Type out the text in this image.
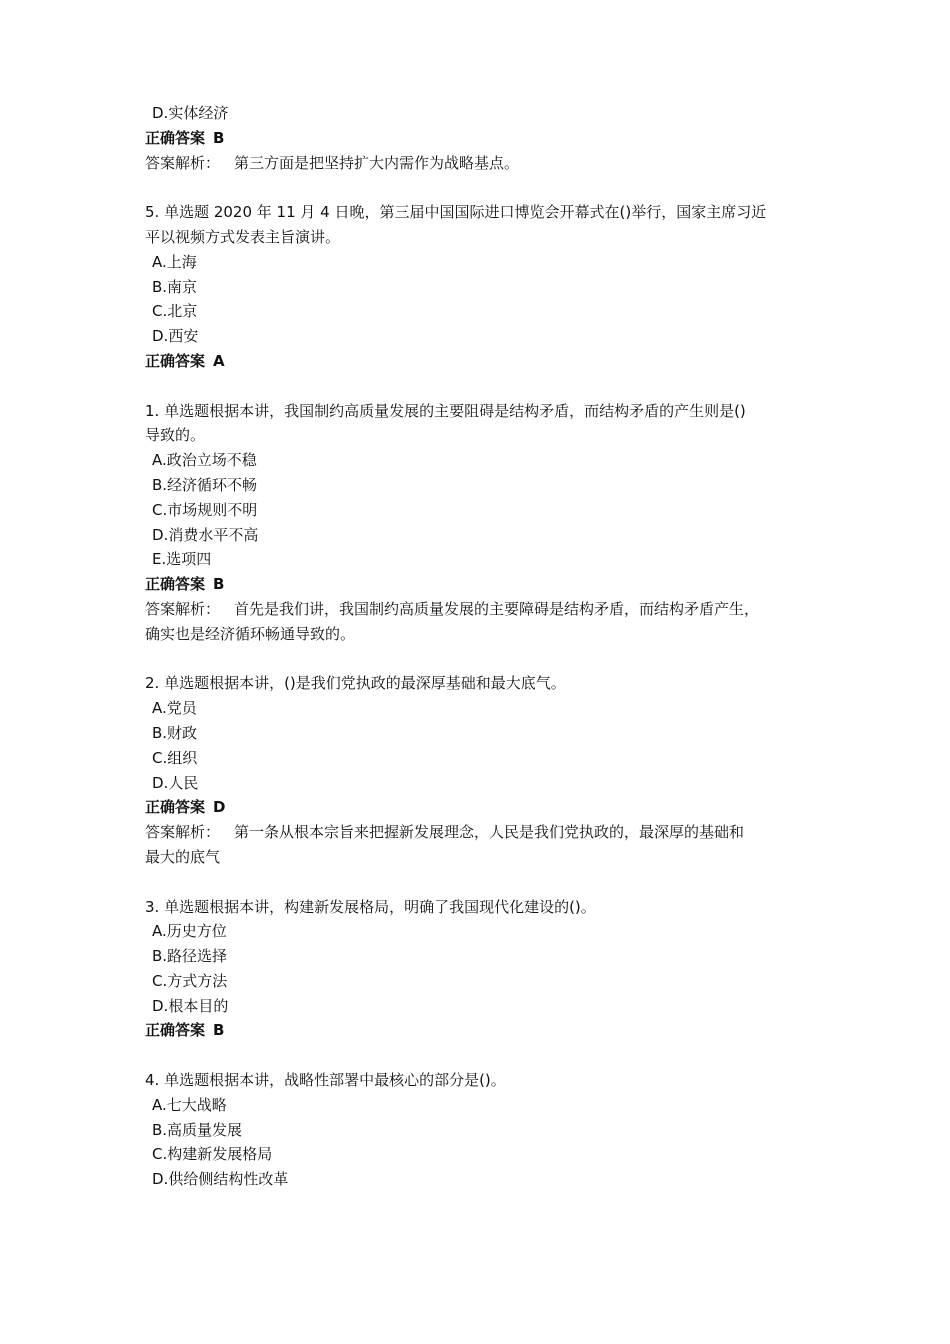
D.实体经济
正确答案 B
答案解析： 第三方面是把坚持扩大内需作为战略基点。
5. 单选题 2020 年 11 月 4 日晚，第三届中国国际进口博览会开幕式在()举行，国家主席习近
平以视频方式发表主旨演讲。
A.上海
B.南京
C.北京
D.西安
正确答案 A
1. 单选题根据本讲，我国制约高质量发展的主要阻碍是结构矛盾，而结构矛盾的产生则是()
导致的。
A.政治立场不稳
B.经济循环不畅
C.市场规则不明
D.消费水平不高
E.选项四
正确答案 B
答案解析： 首先是我们讲，我国制约高质量发展的主要障碍是结构矛盾，而结构矛盾产生，
确实也是经济循环畅通导致的。
2. 单选题根据本讲，()是我们党执政的最深厚基础和最大底气。
A.党员
B.财政
C.组织
D.人民
正确答案 D
答案解析： 第一条从根本宗旨来把握新发展理念，人民是我们党执政的，最深厚的基础和
最大的底气
3. 单选题根据本讲，构建新发展格局，明确了我国现代化建设的()。
A.历史方位
B.路径选择
C.方式方法
D.根本目的
正确答案 B
4. 单选题根据本讲，战略性部署中最核心的部分是()。
A.七大战略
B.高质量发展
C.构建新发展格局
D.供给侧结构性改革
